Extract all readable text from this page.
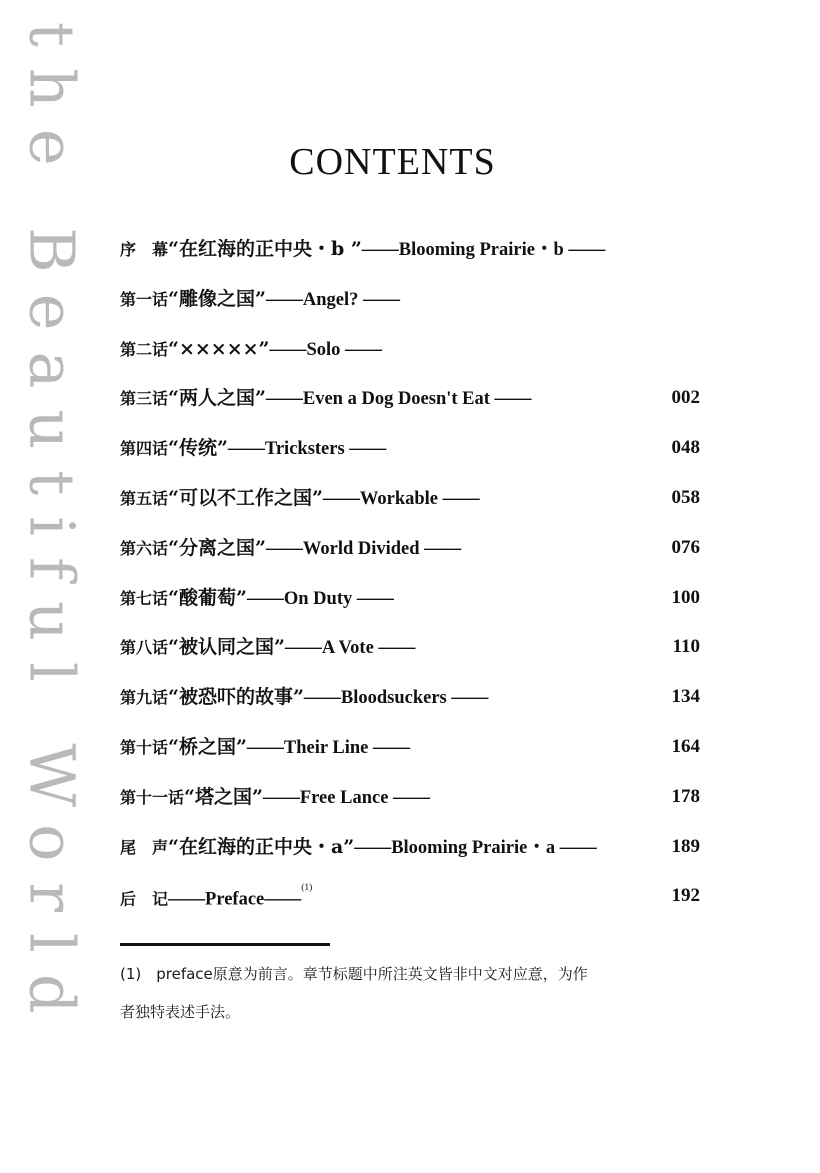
the Beautiful World	CONTENTS
序　幕“在红海的正中央・b ”——Blooming Prairie・b ——
第一话“雕像之国”——Angel? ——
第二话“×××××”——Solo ——
第三话“两人之国”——Even a Dog Doesn't Eat ——	002
第四话“传统”——Tricksters ——	048
第五话“可以不工作之国”——Workable ——	058
第六话“分离之国”——World Divided ——	076
第七话“酸葡萄”——On Duty ——	100
第八话“被认同之国”——A Vote ——	110
第九话“被恐吓的故事”——Bloodsuckers ——	134
第十话“桥之国”——Their Line ——	164
第十一话“塔之国”——Free Lance ——	178
尾　声“在红海的正中央・a”——Blooming Prairie・a ——	189
后　记——Preface——$^{(1)}$	192
(1)　preface原意为前言。章节标题中所注英文皆非中文对应意，为作
者独特表述手法。
